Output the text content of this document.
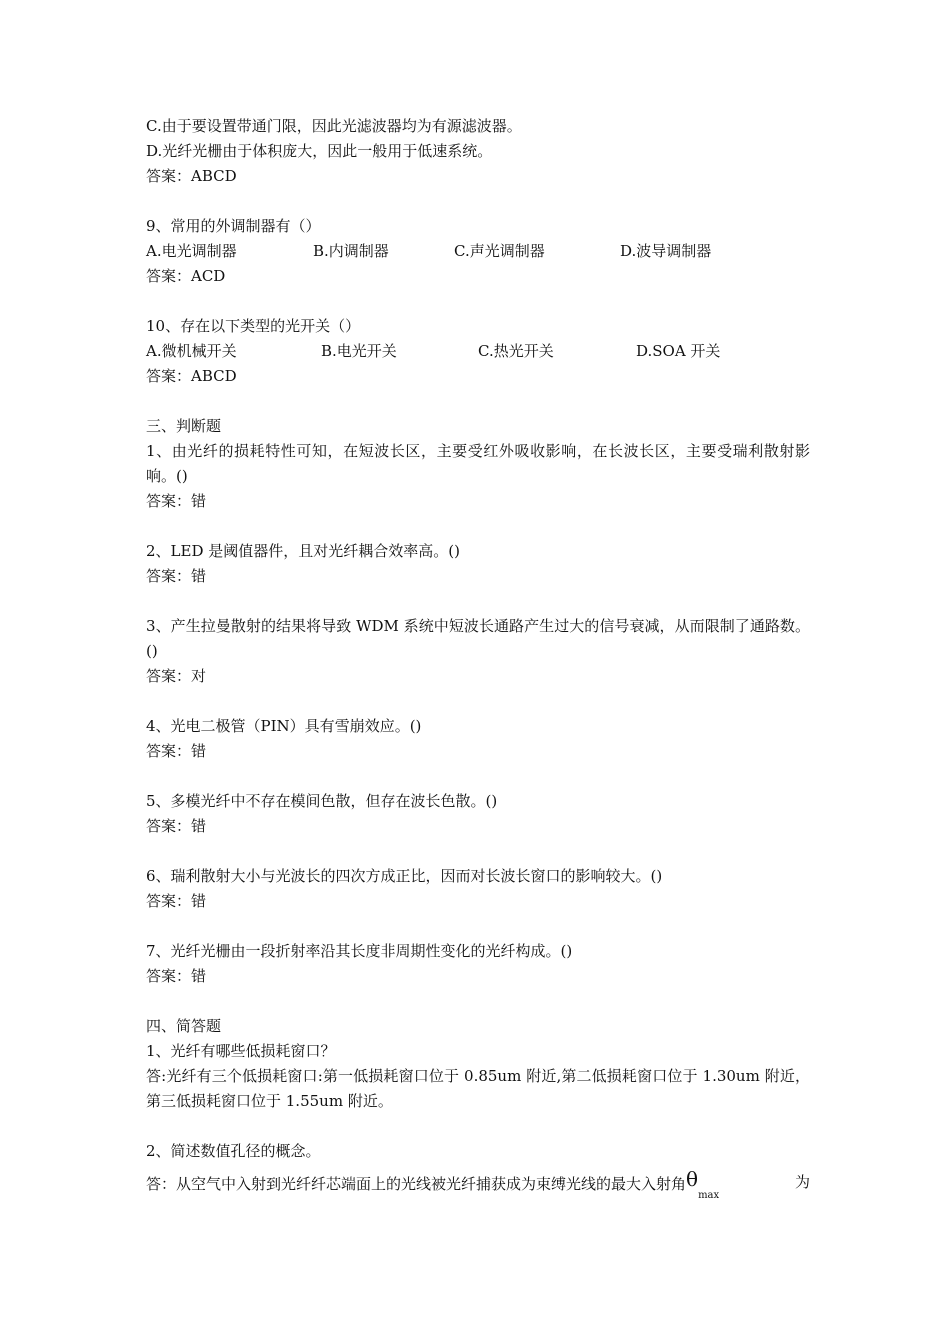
C.由于要设置带通门限，因此光滤波器均为有源滤波器。
D.光纤光栅由于体积庞大，因此一般用于低速系统。
答案：ABCD
9、常用的外调制器有（）
A.电光调制器	B.内调制器	C.声光调制器	D.波导调制器
答案：ACD
10、存在以下类型的光开关（）
A.微机械开关	B.电光开关	C.热光开关	D.SOA 开关
答案：ABCD
三、判断题
1、由光纤的损耗特性可知，在短波长区，主要受红外吸收影响，在长波长区，主要受瑞利散射影响。()
答案：错
2、LED 是阈值器件，且对光纤耦合效率高。()
答案：错
3、产生拉曼散射的结果将导致 WDM 系统中短波长通路产生过大的信号衰减，从而限制了通路数。()
答案：对
4、光电二极管（PIN）具有雪崩效应。()
答案：错
5、多模光纤中不存在模间色散，但存在波长色散。()
答案：错
6、瑞利散射大小与光波长的四次方成正比，因而对长波长窗口的影响较大。()
答案：错
7、光纤光栅由一段折射率沿其长度非周期性变化的光纤构成。()
答案：错
四、简答题
1、光纤有哪些低损耗窗口？
答:光纤有三个低损耗窗口:第一低损耗窗口位于 0.85um 附近,第二低损耗窗口位于 1.30um 附近，第三低损耗窗口位于 1.55um 附近。
2、简述数值孔径的概念。
答：从空气中入射到光纤纤芯端面上的光线被光纤捕获成为束缚光线的最大入射角$\theta_{max}$
为
